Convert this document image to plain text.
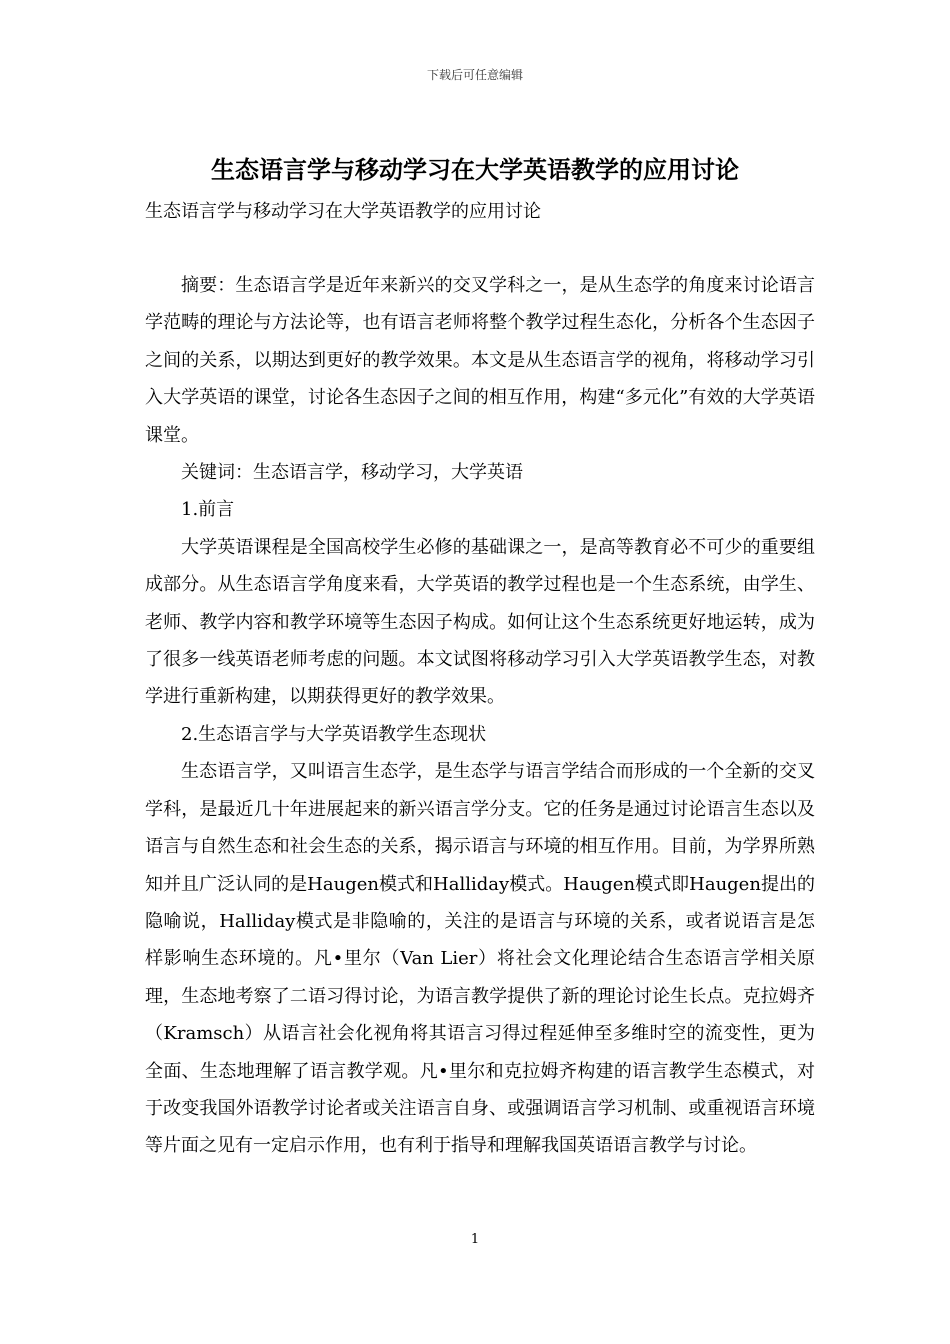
下载后可任意编辑
生态语言学与移动学习在大学英语教学的应用讨论
生态语言学与移动学习在大学英语教学的应用讨论

摘要：生态语言学是近年来新兴的交叉学科之一，是从生态学的角度来讨论语言学范畴的理论与方法论等，也有语言老师将整个教学过程生态化，分析各个生态因子之间的关系，以期达到更好的教学效果。本文是从生态语言学的视角，将移动学习引入大学英语的课堂，讨论各生态因子之间的相互作用，构建“多元化”有效的大学英语课堂。

关键词：生态语言学，移动学习，大学英语

1.前言

大学英语课程是全国高校学生必修的基础课之一，是高等教育必不可少的重要组成部分。从生态语言学角度来看，大学英语的教学过程也是一个生态系统，由学生、老师、教学内容和教学环境等生态因子构成。如何让这个生态系统更好地运转，成为了很多一线英语老师考虑的问题。本文试图将移动学习引入大学英语教学生态，对教学进行重新构建，以期获得更好的教学效果。

2.生态语言学与大学英语教学生态现状

生态语言学，又叫语言生态学，是生态学与语言学结合而形成的一个全新的交叉学科，是最近几十年进展起来的新兴语言学分支。它的任务是通过讨论语言生态以及语言与自然生态和社会生态的关系，揭示语言与环境的相互作用。目前，为学界所熟知并且广泛认同的是Haugen模式和Halliday模式。Haugen模式即Haugen提出的隐喻说，Halliday模式是非隐喻的，关注的是语言与环境的关系，或者说语言是怎样影响生态环境的。凡•里尔（Van Lier）将社会文化理论结合生态语言学相关原理，生态地考察了二语习得讨论，为语言教学提供了新的理论讨论生长点。克拉姆齐（Kramsch）从语言社会化视角将其语言习得过程延伸至多维时空的流变性，更为全面、生态地理解了语言教学观。凡•里尔和克拉姆齐构建的语言教学生态模式，对于改变我国外语教学讨论者或关注语言自身、或强调语言学习机制、或重视语言环境等片面之见有一定启示作用，也有利于指导和理解我国英语语言教学与讨论。

1
